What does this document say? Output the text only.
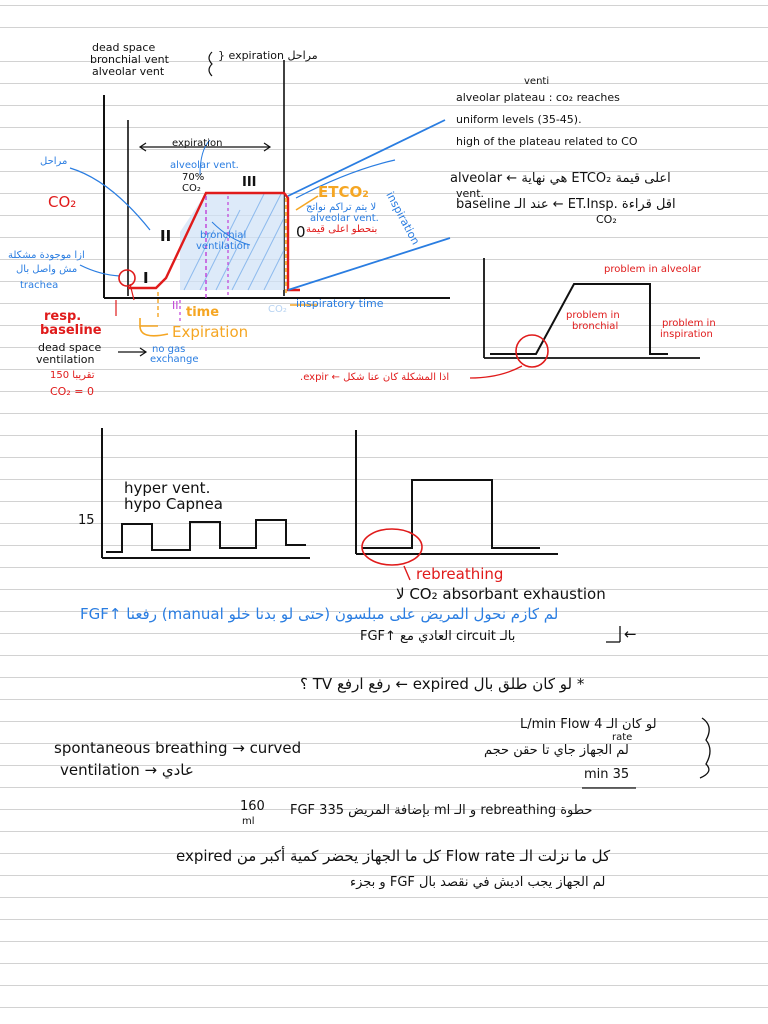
dead space
bronchial vent
alveolar vent
} expiration مراحل
expiration
مراحل
CO₂
ازا موجودة مشكلة
مش واصل بال
trachea	I
II
III
0
alveolar vent.
70%
CO₂
bronchial
ventilation
ETCO₂
لا يتم تراكم نواتج
alveolar vent.
بنحطو اعلى قيمة inspiration
time
II
Expiration
inspiratory time
CO₂
resp.
baseline
dead space
ventilation
no gas
exchange
تقريبا 150
CO₂ = 0
venti
alveolar plateau : co₂ reaches
uniform levels (35-45).
high of the plateau related to CO
alveolar ← هي نهاية ETCO₂ اعلى قيمة
vent.
baseline عند الـ ← ET.Insp. اقل قراءة
CO₂
problem in alveolar
problem in
bronchial	problem in
inspiration
اذا المشكلة كان عنا شكل ← expir.
hyper vent.
hypo Capnea
15
rebreathing
لا CO₂ absorbant exhaustion
لم كازم نحول المريض على مبلسون (حتى لو بدنا خلو manual) رفعنا ↑FGF
بالـ circuit العادي مع ↑FGF	←
* لو كان طلق بال expired ← رفع ارفع TV ؟
spontaneous breathing → curved
ventilation → عادي
لو كان الـ 4 L/min Flow
rate
لم الجهاز جاي تا حقن حجم
min 35
160
ml
FGF بإضافة المريض 335 ml و الـ rebreathing حطوة
كل ما نزلت الـ Flow rate كل ما الجهاز يحضر كمية أكبر من expired
لم الجهاز يجب اديش في نقصد بال FGF و بجزء
